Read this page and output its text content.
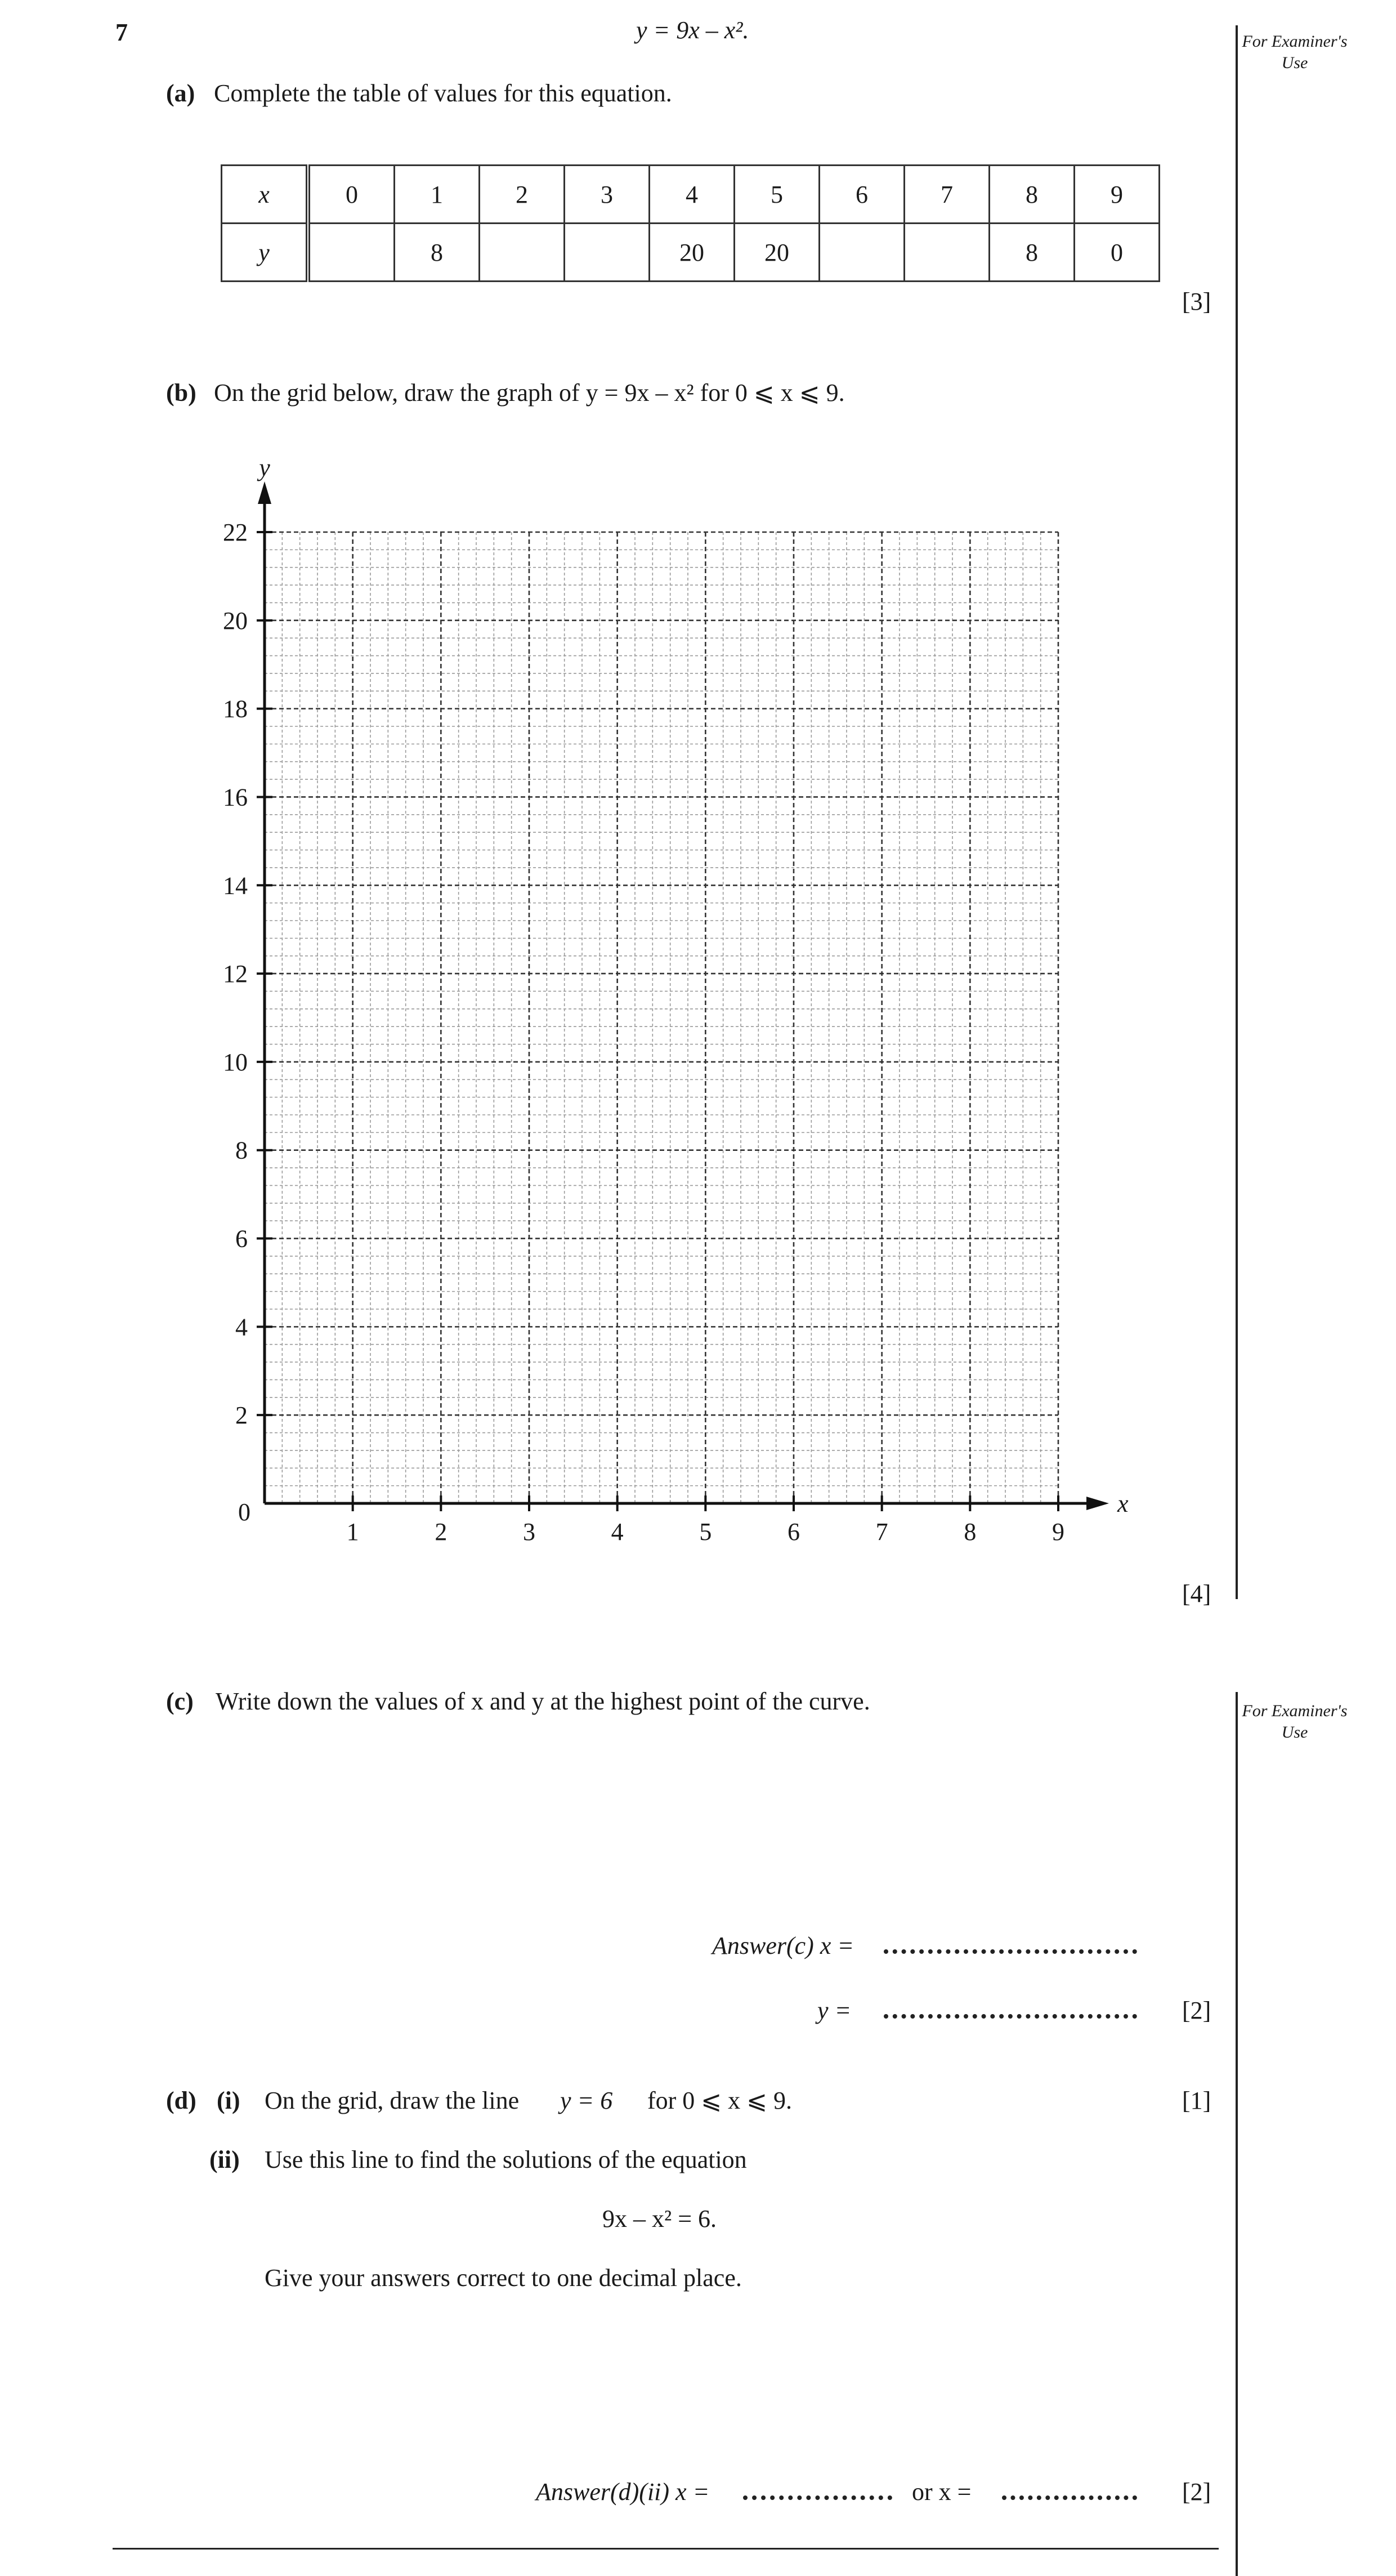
7	y = 9x – x².	For Examiner's Use
(a) Complete the table of values for this equation.
x	0	1	2	3	4	5	6	7	8	9
y		8			20	20			8	0
[3]
(b) On the grid below, draw the graph of y = 9x – x² for 0 ⩽ x ⩽ 9.
1	2	3	4	5	6	7	8	9
2
4
6
8
10
12
14
16
18
20
22
0	x
y
[4]
For Examiner's Use
(c) Write down the values of x and y at the highest point of the curve.
Answer(c) x =
y =	[2]
(d) (i) On the grid, draw the line y = 6 for 0 ⩽ x ⩽ 9.	[1]
(ii) Use this line to find the solutions of the equation
9x – x² = 6.
Give your answers correct to one decimal place.
Answer(d)(ii) x =	or x =	[2]
